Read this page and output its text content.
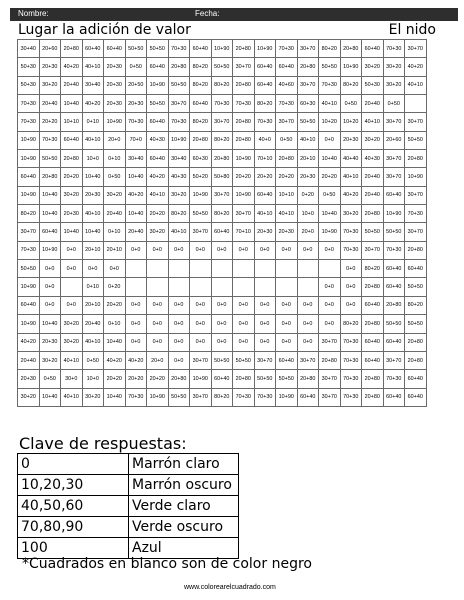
Nombre:	Fecha:
Lugar la adición de valor	El nido
30+40	20+60	20+80	60+40	60+40	50+50	50+50	70+30	60+40	10+90	20+80	10+90	70+30	30+70	80+20	20+80	60+40	70+30	30+70
50+30	20+30	40+20	40+10	20+30	0+50	60+40	20+80	80+20	50+50	30+70	60+40	60+40	20+80	50+50	10+90	30+20	30+20	40+20
50+30	30+20	20+40	30+40	20+30	20+50	10+90	50+50	80+20	80+20	20+80	60+40	40+60	30+70	70+30	80+20	50+30	30+20	40+10
70+30	20+40	10+40	40+20	20+30	20+30	50+50	30+70	60+40	70+30	70+30	80+20	70+30	60+30	40+10	0+50	20+40	0+50	
70+30	20+20	10+10	0+10	10+90	70+30	60+40	70+30	80+20	30+70	20+80	70+30	30+70	50+50	10+20	10+20	40+10	30+70	30+70
10+90	70+30	60+40	40+10	20+0	70+0	40+30	10+90	20+80	80+20	20+80	40+0	0+50	40+10	0+0	20+30	30+20	20+60	50+50
10+90	50+50	20+80	10+0	0+10	30+40	60+40	30+40	60+30	20+80	10+90	70+10	20+80	20+10	10+40	40+40	40+30	30+70	20+80
60+40	20+80	20+20	10+40	0+50	10+40	40+20	40+30	50+20	50+80	20+20	20+20	20+20	20+30	20+20	40+10	20+40	30+70	10+90
10+90	10+40	30+20	20+30	30+20	40+20	40+10	30+20	10+90	30+70	10+90	60+40	10+10	0+20	0+50	40+20	20+40	60+40	30+70
80+20	10+40	20+30	40+10	20+40	10+40	20+20	80+20	50+50	80+20	30+70	40+10	40+10	10+0	10+40	30+20	20+80	10+90	70+30
30+70	60+40	10+40	10+40	0+10	20+40	30+20	40+10	30+70	60+40	70+10	20+30	20+30	20+0	10+90	70+30	50+50	50+50	30+70
70+30	10+90	0+0	20+10	20+10	0+0	0+0	0+0	0+0	0+0	0+0	0+0	0+0	0+0	0+0	70+30	30+70	70+30	20+80
50+50	0+0	0+0	0+0	0+0											0+0	80+20	60+40	60+40
10+90	0+0		0+10	0+20										0+0	0+0	20+80	60+40	50+50
60+40	0+0	0+0	20+10	20+20	0+0	0+0	0+0	0+0	0+0	0+0	0+0	0+0	0+0	0+0	0+0	60+40	20+80	80+20
10+90	10+40	30+20	20+40	0+10	0+0	0+0	0+0	0+0	0+0	0+0	0+0	0+0	0+0	0+0	80+20	20+80	50+50	50+50
40+20	20+30	30+20	40+10	10+40	0+0	0+0	0+0	0+0	0+0	0+0	0+0	0+0	0+0	30+70	70+30	60+40	60+40	20+80
20+40	30+20	40+10	0+50	40+20	40+20	20+0	0+0	30+70	50+50	50+50	30+70	60+40	30+70	20+80	70+30	60+40	30+70	20+80
20+30	0+50	30+0	10+0	20+20	20+20	20+20	20+80	10+90	60+40	20+80	50+50	50+50	20+80	30+70	70+30	20+80	70+30	60+40
30+20	10+40	40+10	30+20	10+40	70+30	10+90	50+50	30+70	80+20	70+30	70+30	10+90	60+40	30+70	70+30	20+80	60+40	60+40
Clave de respuestas:
0	Marrón claro
10,20,30	Marrón oscuro
40,50,60	Verde claro
70,80,90	Verde oscuro
100	Azul
*Cuadrados en blanco son de color negro
www.colorearelcuadrado.com
